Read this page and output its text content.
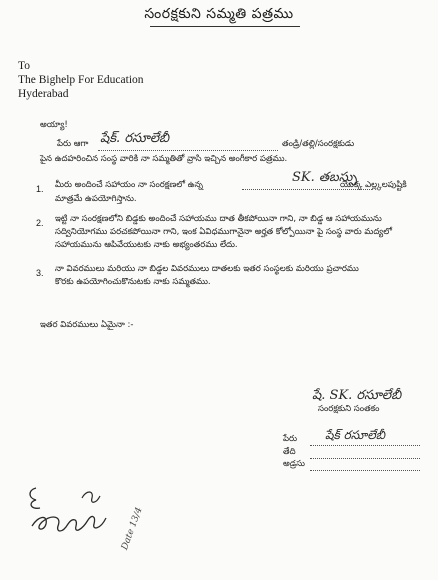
సంరక్షకుని సమ్మతి పత్రము
To
The Bighelp For Education
Hyderabad
అయ్యా!
పేరు ఆగా షేక్. రసూలేబీ	తండ్రి/తల్లి/సంరక్షకుడు
పైన ఉదహరించిన సంస్థ వారికి నా సమ్మతితో వ్రాసి ఇచ్చిన అంగీకార పత్రము.
1. మీరు అందించే సహాయం నా సంరక్షణలో ఉన్న	SK. తబస్సు
యొక్క ఎల్ల్కలపుష్టికి
మాత్రమే ఉపయోగిస్తాను.
2. ఇట్టి నా సంరక్షణలోని బిడ్డకు అందించే సహాయము దాత తీకపోయినా గాని, నా బిడ్డ ఆ సహాయమును సద్వినియోగము పరచకపోయినా గాని, ఇంక ఏవిధముగానైనా అర్హత కోల్పోయినా పై సంస్థ వారు మద్యలో సహాయమును ఆపివేయుటకు నాకు అభ్యంతరము లేదు.
3. నా వివరములు మరియు నా బిడ్డల వివరములు దాతలకు ఇతర సంస్థలకు మరియు ప్రచారము కొరకు ఉపయోగించుకొనుటకు నాకు సమ్మతము.
ఇతర వివరములు ఏమైనా :-
షే. SK. రసూలేబీ
సంరక్షకుని సంతకం
పేరు షేక్ రసూలేబీ
తేది
అడ్రసు
Date 13/4
